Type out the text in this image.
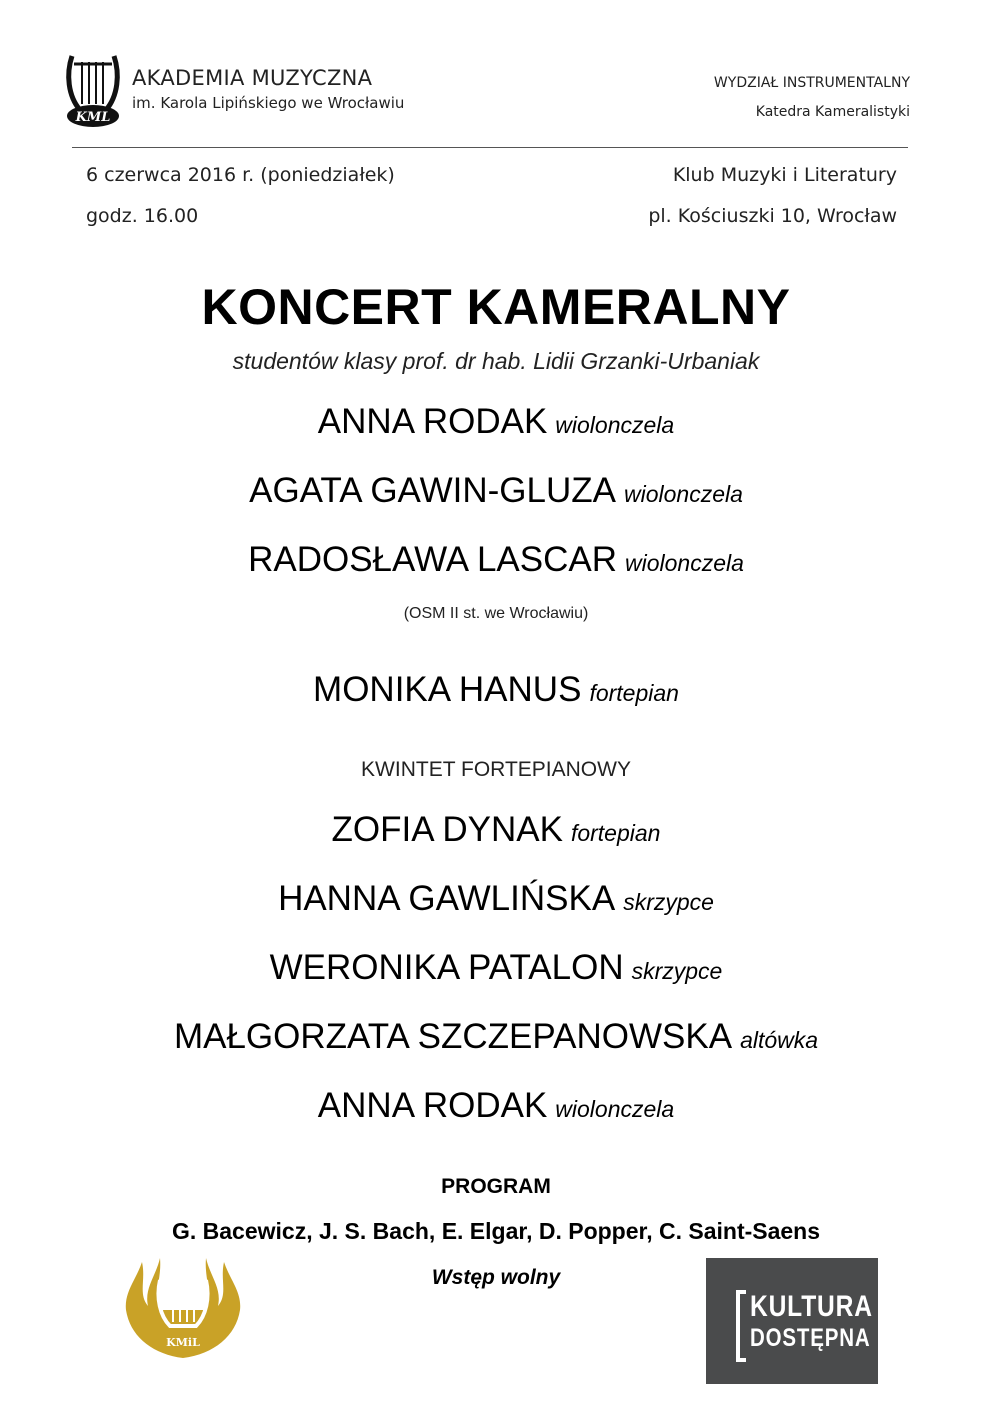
KML
AKADEMIA MUZYCZNA
im. Karola Lipińskiego we Wrocławiu
WYDZIAŁ INSTRUMENTALNY
Katedra Kameralistyki
6 czerwca 2016 r. (poniedziałek)
godz. 16.00
Klub Muzyki i Literatury
pl. Kościuszki 10, Wrocław
KONCERT KAMERALNY
studentów klasy prof. dr hab. Lidii Grzanki-Urbaniak
ANNA RODAK wiolonczela
AGATA GAWIN-GLUZA wiolonczela
RADOSŁAWA LASCAR wiolonczela
(OSM II st. we Wrocławiu)
MONIKA HANUS fortepian
KWINTET FORTEPIANOWY
ZOFIA DYNAK fortepian
HANNA GAWLIŃSKA skrzypce
WERONIKA PATALON skrzypce
MAŁGORZATA SZCZEPANOWSKA altówka
ANNA RODAK wiolonczela
PROGRAM
G. Bacewicz, J. S. Bach, E. Elgar, D. Popper, C. Saint-Saens
Wstęp wolny
w
KMiL
KULTURA
DOSTĘPNA
